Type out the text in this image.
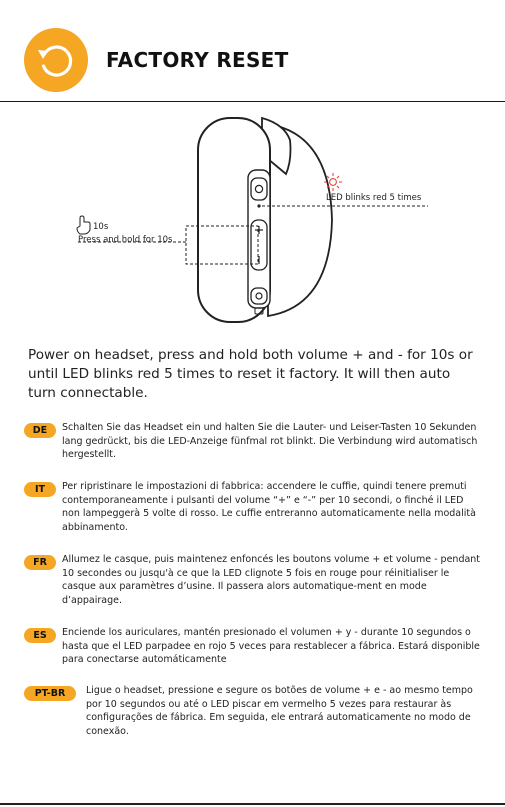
FACTORY RESET
10s
Press and hold for 10s
LED blinks red 5 times
Power on headset, press and hold both volume + and - for 10s or until LED blinks red 5 times to reset it factory. It will then auto turn connectable.
DE	Schalten Sie das Headset ein und halten Sie die Lauter- und Leiser-Tasten 10 Sekunden lang gedrückt, bis die LED-Anzeige fünfmal rot blinkt. Die Verbindung wird automatisch hergestellt.
IT	Per ripristinare le impostazioni di fabbrica: accendere le cuffie, quindi tenere premuti contemporaneamente i pulsanti del volume “+” e “-” per 10 secondi, o finché il LED non lampeggerà 5 volte di rosso. Le cuffie entreranno automaticamente nella modalità abbinamento.
FR	Allumez le casque, puis maintenez enfoncés les boutons volume + et volume - pendant 10 secondes ou jusqu'à ce que la LED clignote 5 fois en rouge pour réinitialiser le casque aux paramètres d’usine. Il passera alors automatique-ment en mode d’appairage.
ES	Enciende los auriculares, mantén presionado el volumen + y - durante 10 segundos o hasta que el LED parpadee en rojo 5 veces para restablecer a fábrica. Estará disponible para conectarse automáticamente
PT-BR	Ligue o headset, pressione e segure os botões de volume + e - ao mesmo tempo por 10 segundos ou até o LED piscar em vermelho 5 vezes para restaurar às configurações de fábrica. Em seguida, ele entrará automaticamente no modo de conexão.
